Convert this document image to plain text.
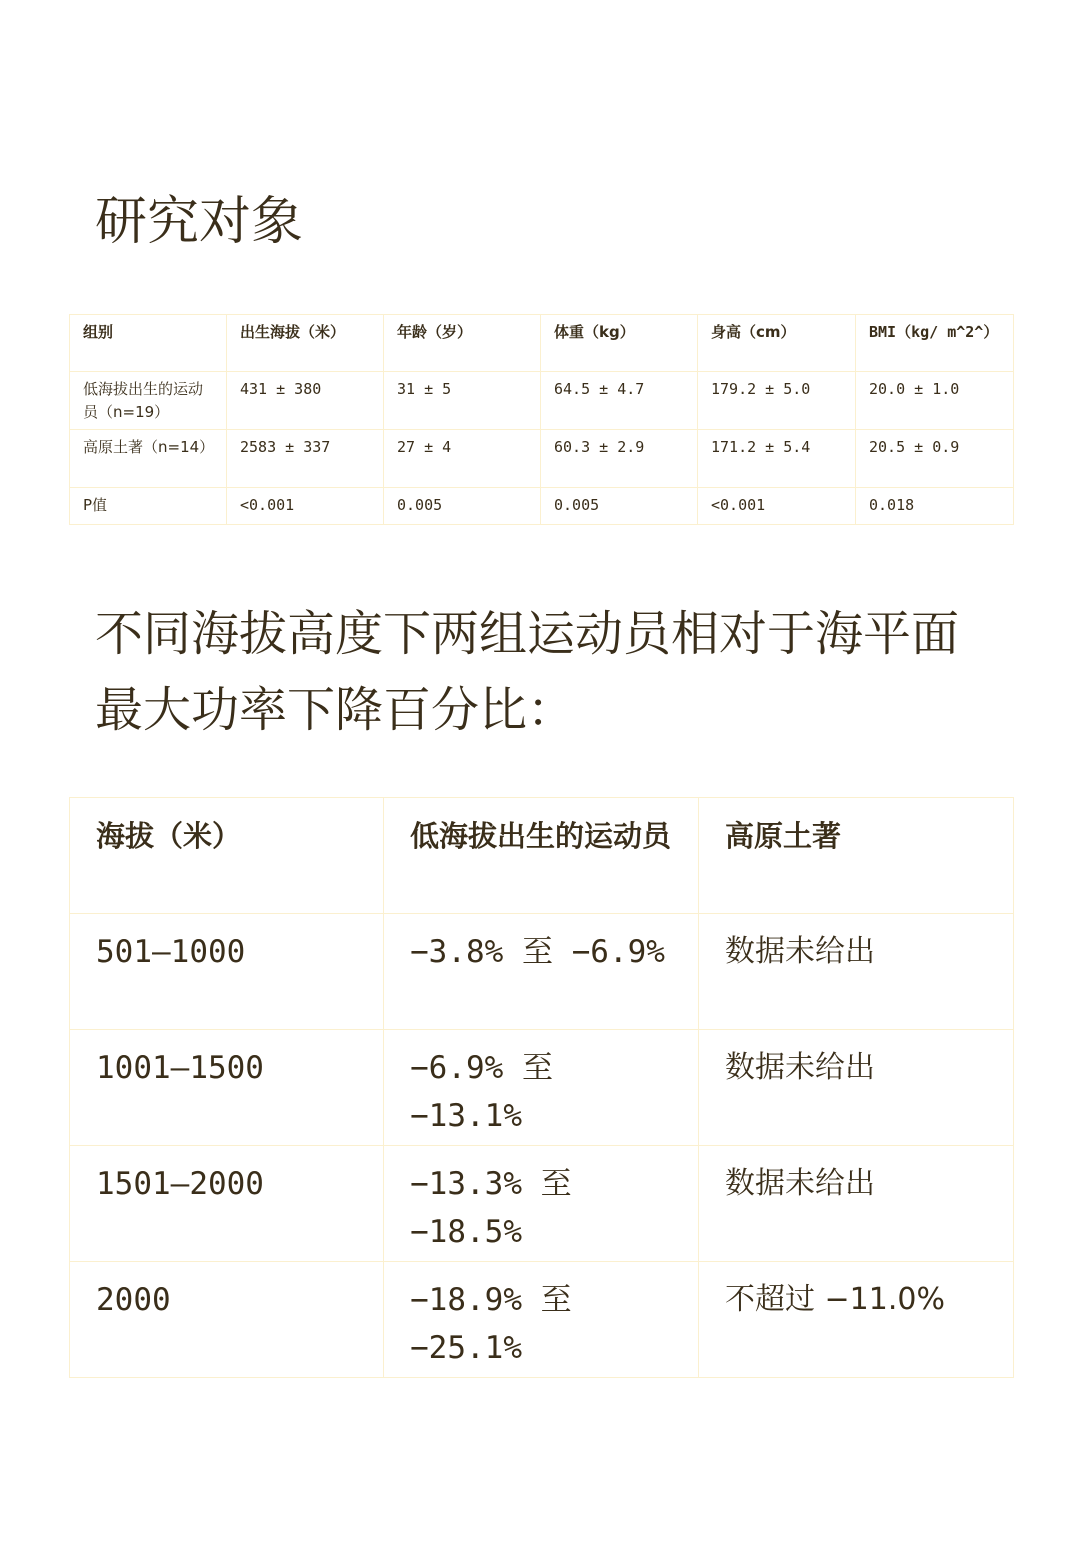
研究对象
组别	出生海拔（米）	年龄（岁）	体重（kg）	身高（cm）	BMI（kg/ m^2^）
低海拔出生的运动员（n=19）	431 ± 380	31 ± 5	64.5 ± 4.7	179.2 ± 5.0	20.0 ± 1.0
高原土著（n=14）	2583 ± 337	27 ± 4	60.3 ± 2.9	171.2 ± 5.4	20.5 ± 0.9
P值	<0.001	0.005	0.005	<0.001	0.018
不同海拔高度下两组运动员相对于海平面最大功率下降百分比：
海拔（米）	低海拔出生的运动员	高原土著
501–1000	−3.8% 至 −6.9%	数据未给出
1001–1500	−6.9% 至 −13.1%	数据未给出
1501–2000	−13.3% 至 −18.5%	数据未给出
2000	−18.9% 至 −25.1%	不超过 −11.0%
